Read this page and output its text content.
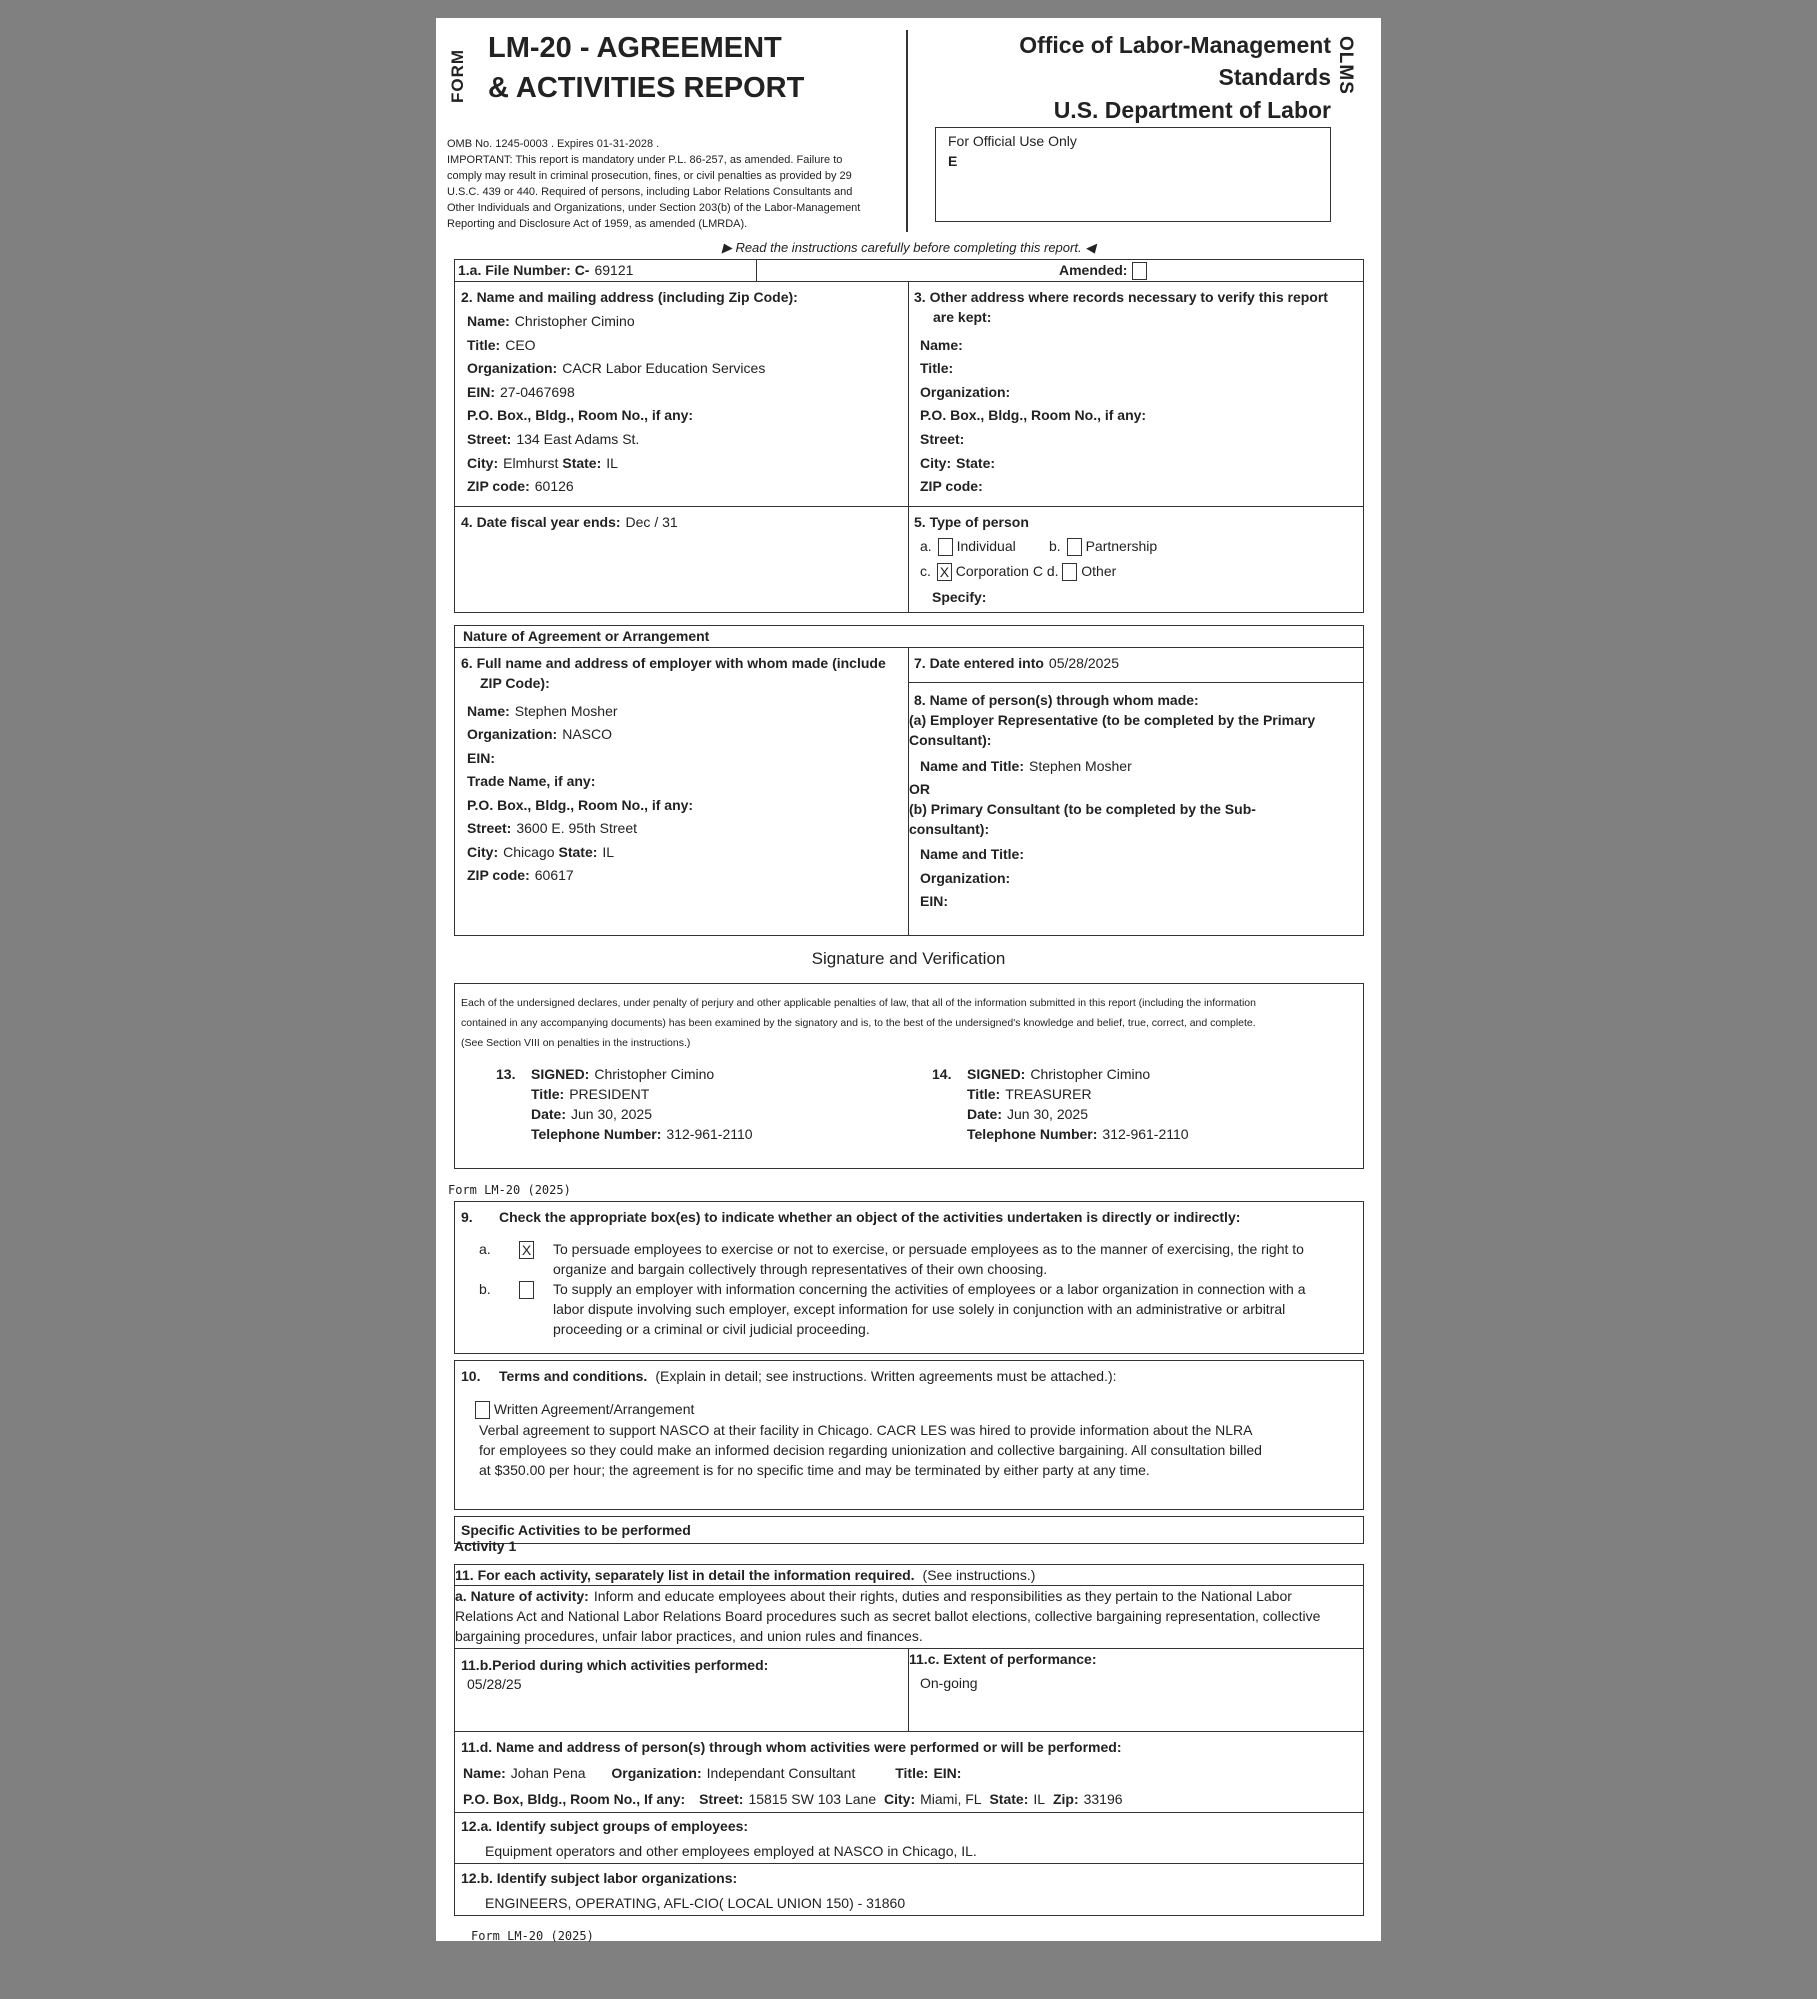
FORM
LM-20 - AGREEMENT
& ACTIVITIES REPORT
OMB No. 1245-0003 . Expires 01-31-2028 .
IMPORTANT: This report is mandatory under P.L. 86-257, as amended. Failure to
comply may result in criminal prosecution, fines, or civil penalties as provided by 29
U.S.C. 439 or 440. Required of persons, including Labor Relations Consultants and
Other Individuals and Organizations, under Section 203(b) of the Labor-Management
Reporting and Disclosure Act of 1959, as amended (LMRDA).
Office of Labor-Management
Standards
U.S. Department of Labor
OLMS
For Official Use Only
E
▶ Read the instructions carefully before completing this report. ◀
1.a. File Number: C- 69121	Amended:
2. Name and mailing address (including Zip Code):
Name: Christopher Cimino
Title: CEO
Organization: CACR Labor Education Services
EIN: 27-0467698
P.O. Box., Bldg., Room No., if any:
Street: 134 East Adams St.
City: Elmhurst State: IL
ZIP code: 60126
3. Other address where records necessary to verify this report
are kept:
Name:
Title:
Organization:
P.O. Box., Bldg., Room No., if any:
Street:
City: State:
ZIP code:
4. Date fiscal year ends: Dec / 31	5. Type of person
a. Individual b. Partnership
c. X Corporation C d. Other
Specify:
Nature of Agreement or Arrangement
6. Full name and address of employer with whom made (include
ZIP Code):
Name: Stephen Mosher
Organization: NASCO
EIN:
Trade Name, if any:
P.O. Box., Bldg., Room No., if any:
Street: 3600 E. 95th Street
City: Chicago State: IL
ZIP code: 60617
7. Date entered into 05/28/2025
8. Name of person(s) through whom made:
(a) Employer Representative (to be completed by the Primary
Consultant):
Name and Title: Stephen Mosher
OR
(b) Primary Consultant (to be completed by the Sub-
consultant):
Name and Title:
Organization:
EIN:
Signature and Verification
Each of the undersigned declares, under penalty of perjury and other applicable penalties of law, that all of the information submitted in this report (including the information
contained in any accompanying documents) has been examined by the signatory and is, to the best of the undersigned's knowledge and belief, true, correct, and complete.
(See Section VIII on penalties in the instructions.)
13. SIGNED: Christopher Cimino
Title: PRESIDENT
Date: Jun 30, 2025
Telephone Number: 312-961-2110
14. SIGNED: Christopher Cimino
Title: TREASURER
Date: Jun 30, 2025
Telephone Number: 312-961-2110
Form LM-20 (2025)
9. Check the appropriate box(es) to indicate whether an object of the activities undertaken is directly or indirectly:
a. X To persuade employees to exercise or not to exercise, or persuade employees as to the manner of exercising, the right to
organize and bargain collectively through representatives of their own choosing.
b.	To supply an employer with information concerning the activities of employees or a labor organization in connection with a
labor dispute involving such employer, except information for use solely in conjunction with an administrative or arbitral
proceeding or a criminal or civil judicial proceeding.
10. Terms and conditions. (Explain in detail; see instructions. Written agreements must be attached.):
Written Agreement/Arrangement
Verbal agreement to support NASCO at their facility in Chicago. CACR LES was hired to provide information about the NLRA
for employees so they could make an informed decision regarding unionization and collective bargaining. All consultation billed
at $350.00 per hour; the agreement is for no specific time and may be terminated by either party at any time.
Specific Activities to be performed
Activity 1
11. For each activity, separately list in detail the information required. (See instructions.)
a. Nature of activity: Inform and educate employees about their rights, duties and responsibilities as they pertain to the National Labor
Relations Act and National Labor Relations Board procedures such as secret ballot elections, collective bargaining representation, collective
bargaining procedures, unfair labor practices, and union rules and finances.
11.b.Period during which activities performed:
05/28/25
11.c. Extent of performance:
On-going
11.d. Name and address of person(s) through whom activities were performed or will be performed:
Name: Johan Pena Organization: Independant Consultant	Title: EIN:
P.O. Box, Bldg., Room No., If any: Street: 15815 SW 103 Lane City: Miami, FL State: IL Zip: 33196
12.a. Identify subject groups of employees:
Equipment operators and other employees employed at NASCO in Chicago, IL.
12.b. Identify subject labor organizations:
ENGINEERS, OPERATING, AFL-CIO( LOCAL UNION 150) - 31860
Form LM-20 (2025)
